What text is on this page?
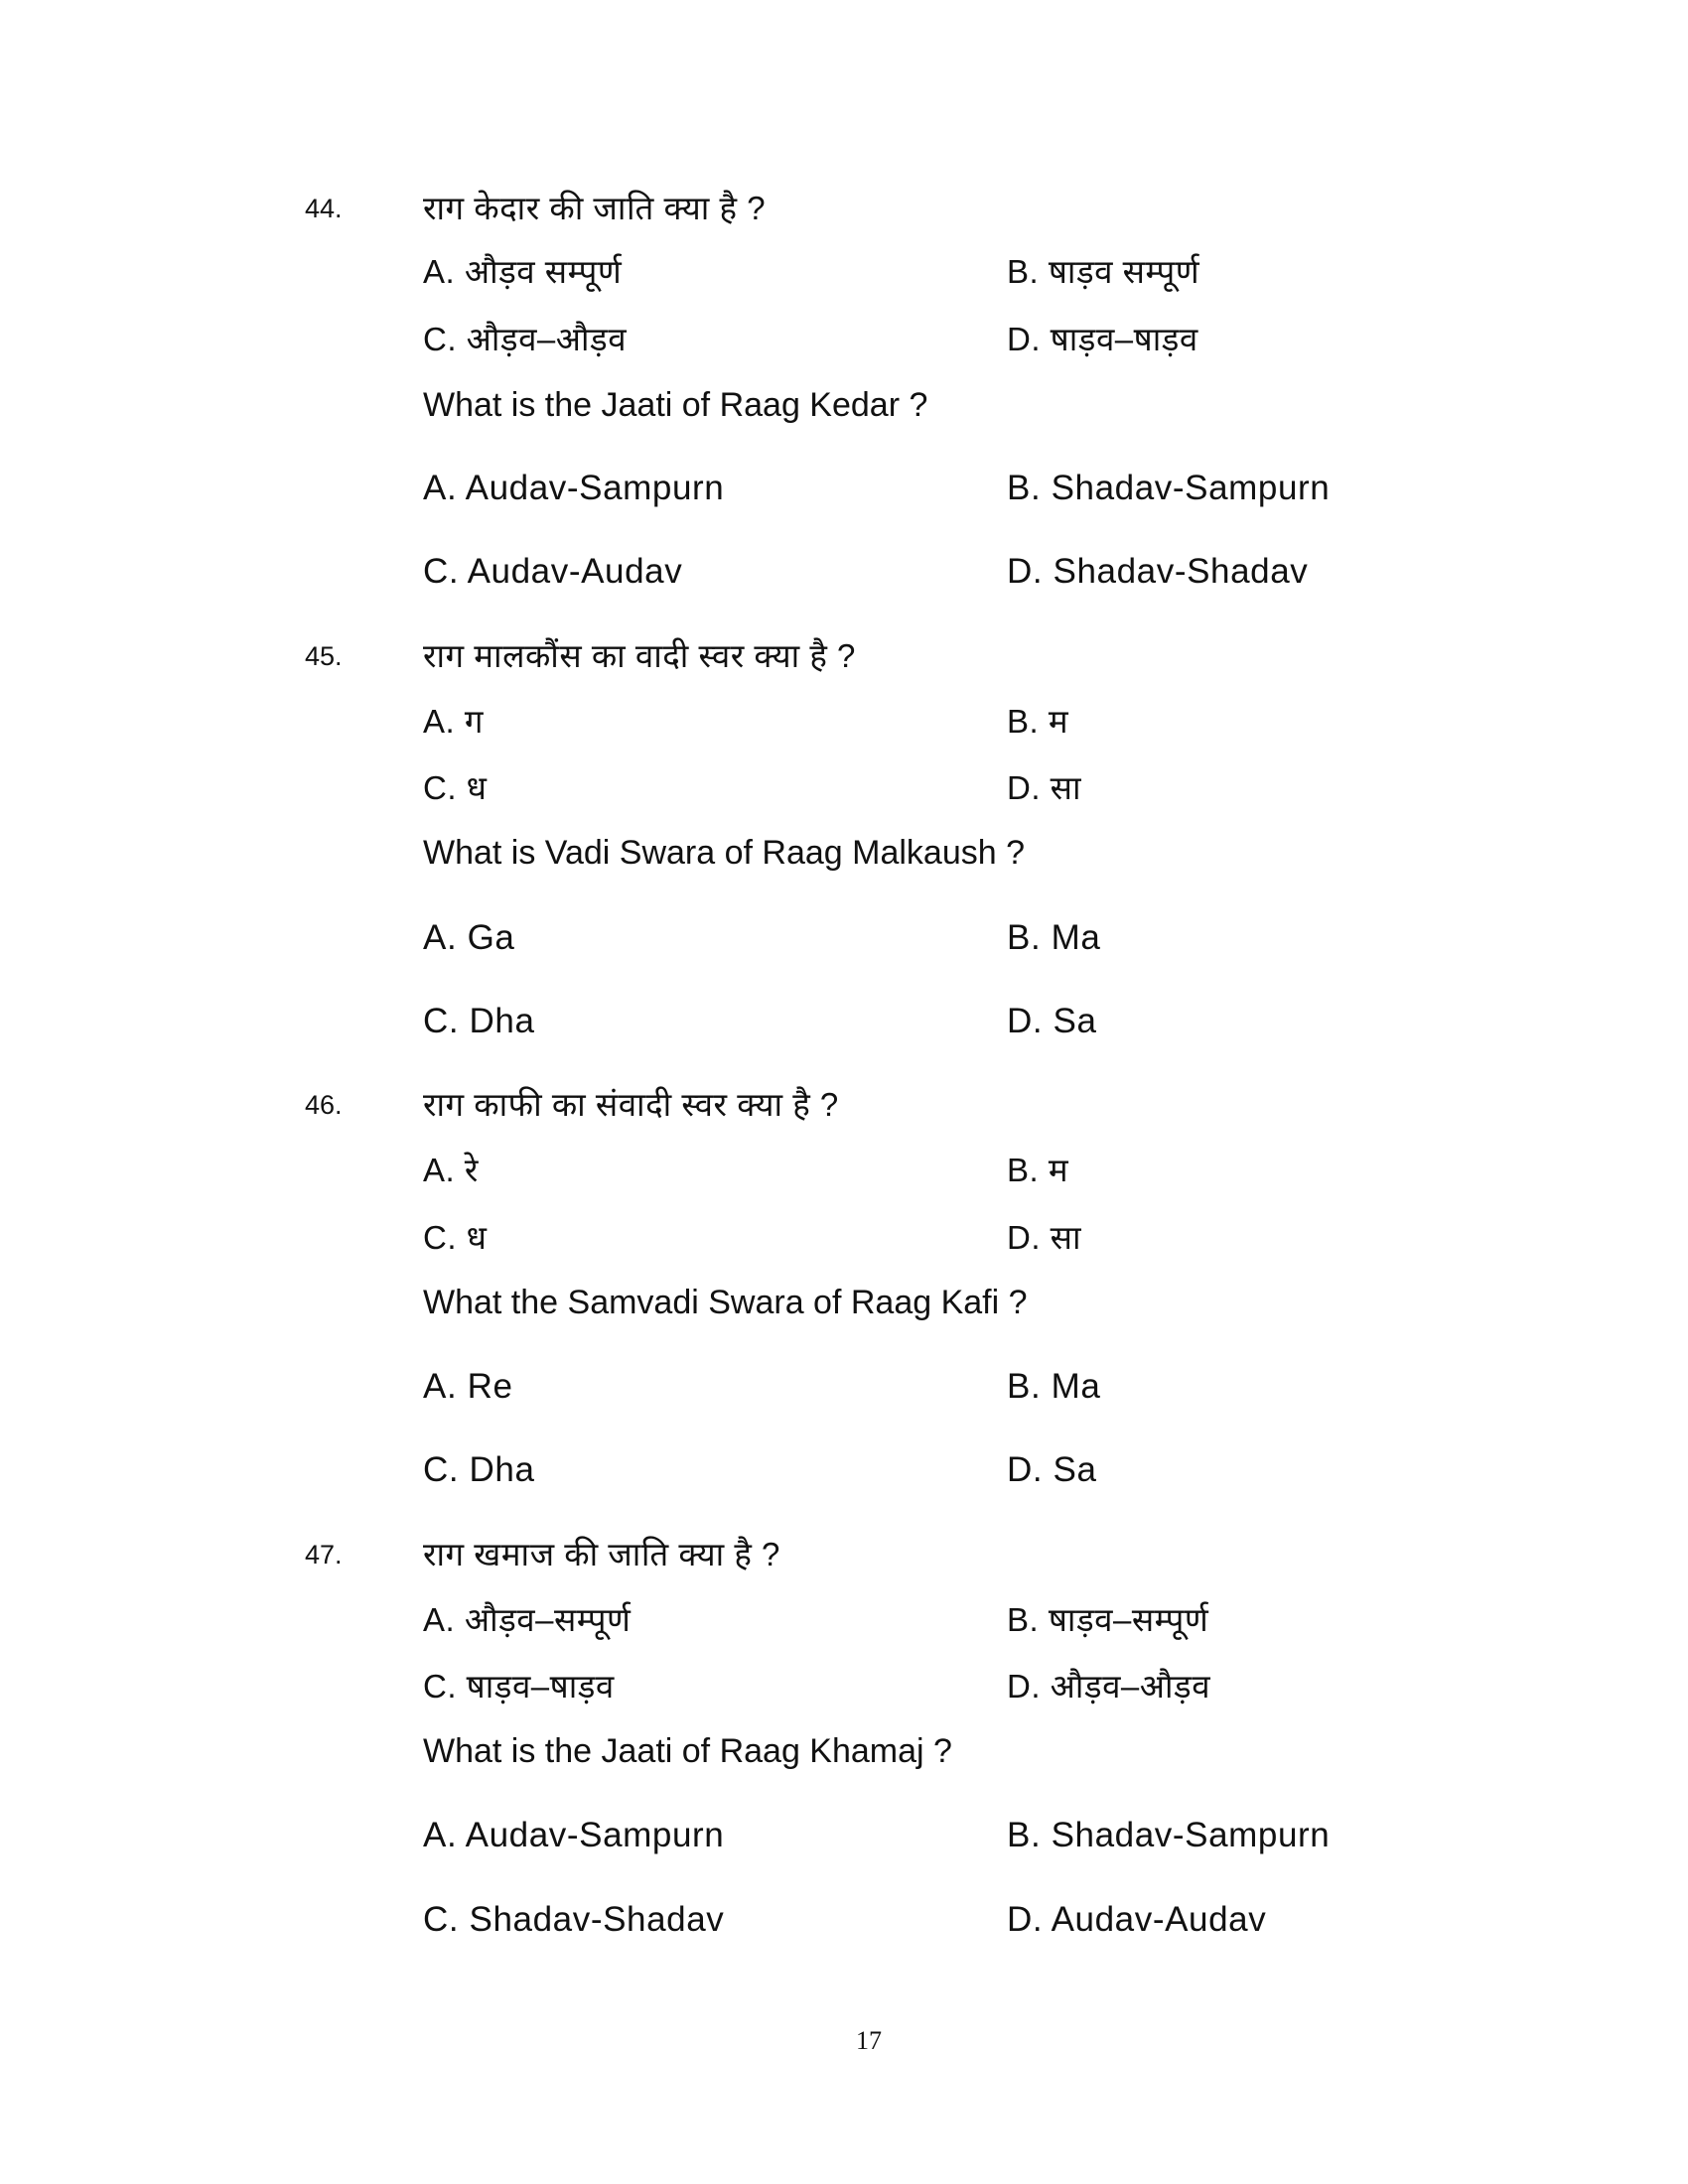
44. राग केदार की जाति क्या है ?
A. औड़व सम्पूर्ण	B. षाड़व सम्पूर्ण
C. औड़व–औड़व	D. षाड़व–षाड़व
What is the Jaati of Raag Kedar ?
A. Audav-Sampurn	B. Shadav-Sampurn
C. Audav-Audav	D. Shadav-Shadav
45. राग मालकौंस का वादी स्वर क्या है ?
A. ग	B. म
C. ध	D. सा
What is Vadi Swara of Raag Malkaush ?
A. Ga	B. Ma
C. Dha	D. Sa
46. राग काफी का संवादी स्वर क्या है ?
A. रे	B. म
C. ध	D. सा
What the Samvadi Swara of Raag Kafi ?
A. Re	B. Ma
C. Dha	D. Sa
47. राग खमाज की जाति क्या है ?
A. औड़व–सम्पूर्ण	B. षाड़व–सम्पूर्ण
C. षाड़व–षाड़व	D. औड़व–औड़व
What is the Jaati of Raag Khamaj ?
A. Audav-Sampurn	B. Shadav-Sampurn
C. Shadav-Shadav	D. Audav-Audav
17
